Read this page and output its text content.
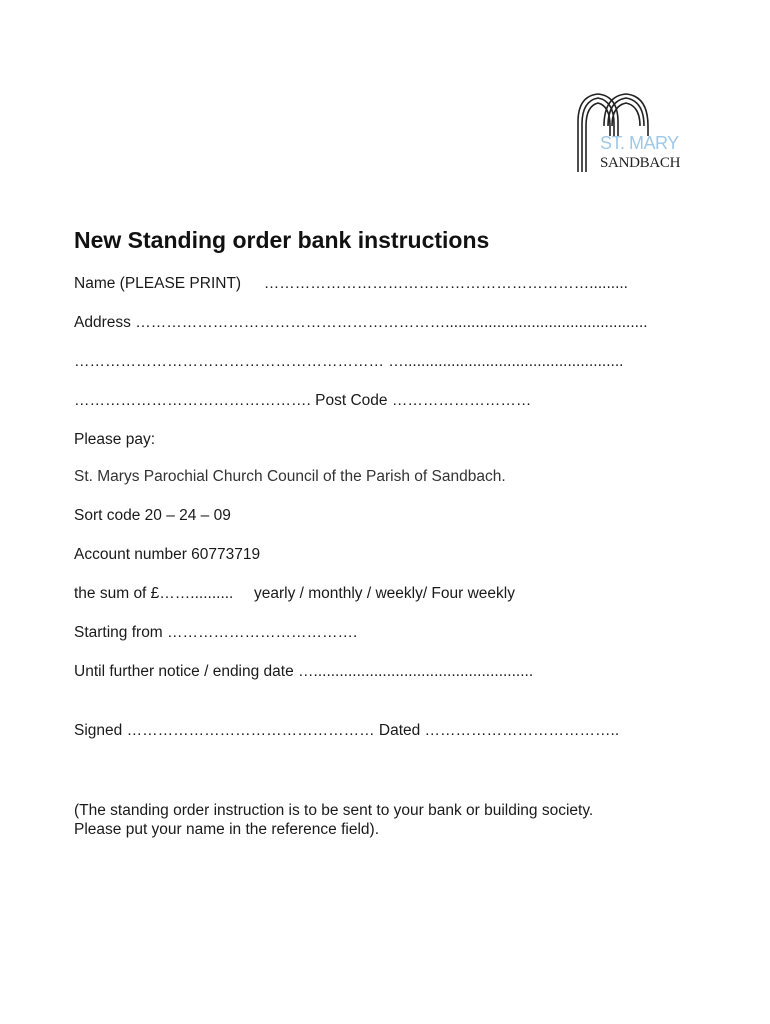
ST. MARY
SANDBACH
New Standing order bank instructions
Name (PLEASE PRINT) ……………………………………………………….........
Address ……………………………………………………...............................................
…………………………………………………… …...................................................
………………………………………. Post Code ………………………
Please pay:
St. Marys Parochial Church Council of the Parish of Sandbach.
Sort code 20 – 24 – 09
Account number 60773719
the sum of £…….......... yearly / monthly / weekly/ Four weekly
Starting from ……………………………….
Until further notice / ending date …...................................................
Signed ………………………………………… Dated ………………………………..
(The standing order instruction is to be sent to your bank or building society.
Please put your name in the reference field).
